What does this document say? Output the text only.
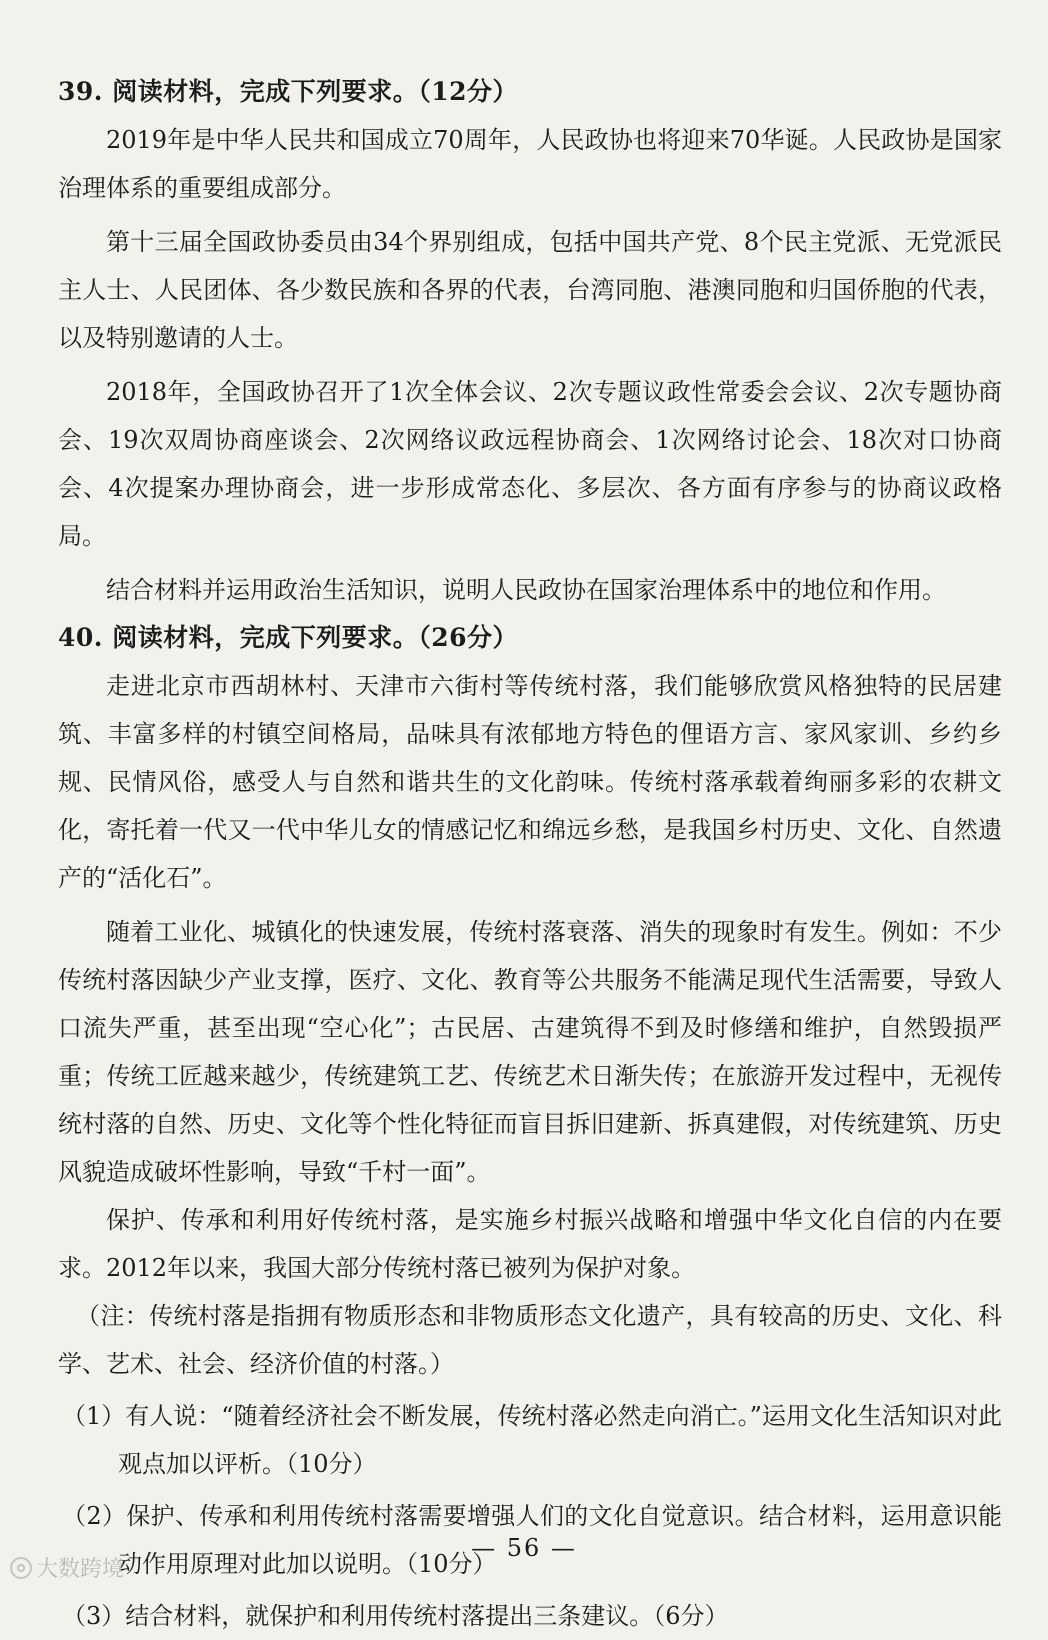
39. 阅读材料，完成下列要求。（12分）

2019年是中华人民共和国成立70周年，人民政协也将迎来70华诞。人民政协是国家治理体系的重要组成部分。

第十三届全国政协委员由34个界别组成，包括中国共产党、8个民主党派、无党派民主人士、人民团体、各少数民族和各界的代表，台湾同胞、港澳同胞和归国侨胞的代表，以及特别邀请的人士。

2018年，全国政协召开了1次全体会议、2次专题议政性常委会会议、2次专题协商会、19次双周协商座谈会、2次网络议政远程协商会、1次网络讨论会、18次对口协商会、4次提案办理协商会，进一步形成常态化、多层次、各方面有序参与的协商议政格局。

结合材料并运用政治生活知识，说明人民政协在国家治理体系中的地位和作用。

40. 阅读材料，完成下列要求。（26分）

走进北京市西胡林村、天津市六街村等传统村落，我们能够欣赏风格独特的民居建筑、丰富多样的村镇空间格局，品味具有浓郁地方特色的俚语方言、家风家训、乡约乡规、民情风俗，感受人与自然和谐共生的文化韵味。传统村落承载着绚丽多彩的农耕文化，寄托着一代又一代中华儿女的情感记忆和绵远乡愁，是我国乡村历史、文化、自然遗产的“活化石”。

随着工业化、城镇化的快速发展，传统村落衰落、消失的现象时有发生。例如：不少传统村落因缺少产业支撑，医疗、文化、教育等公共服务不能满足现代生活需要，导致人口流失严重，甚至出现“空心化”；古民居、古建筑得不到及时修缮和维护，自然毁损严重；传统工匠越来越少，传统建筑工艺、传统艺术日渐失传；在旅游开发过程中，无视传统村落的自然、历史、文化等个性化特征而盲目拆旧建新、拆真建假，对传统建筑、历史风貌造成破坏性影响，导致“千村一面”。

保护、传承和利用好传统村落，是实施乡村振兴战略和增强中华文化自信的内在要求。2012年以来，我国大部分传统村落已被列为保护对象。

（注：传统村落是指拥有物质形态和非物质形态文化遗产，具有较高的历史、文化、科学、艺术、社会、经济价值的村落。）

（1）有人说：“随着经济社会不断发展，传统村落必然走向消亡。”运用文化生活知识对此观点加以评析。（10分）

（2）保护、传承和利用传统村落需要增强人们的文化自觉意识。结合材料，运用意识能动作用原理对此加以说明。（10分）

（3）结合材料，就保护和利用传统村落提出三条建议。（6分）

— 56 —
大数跨境
